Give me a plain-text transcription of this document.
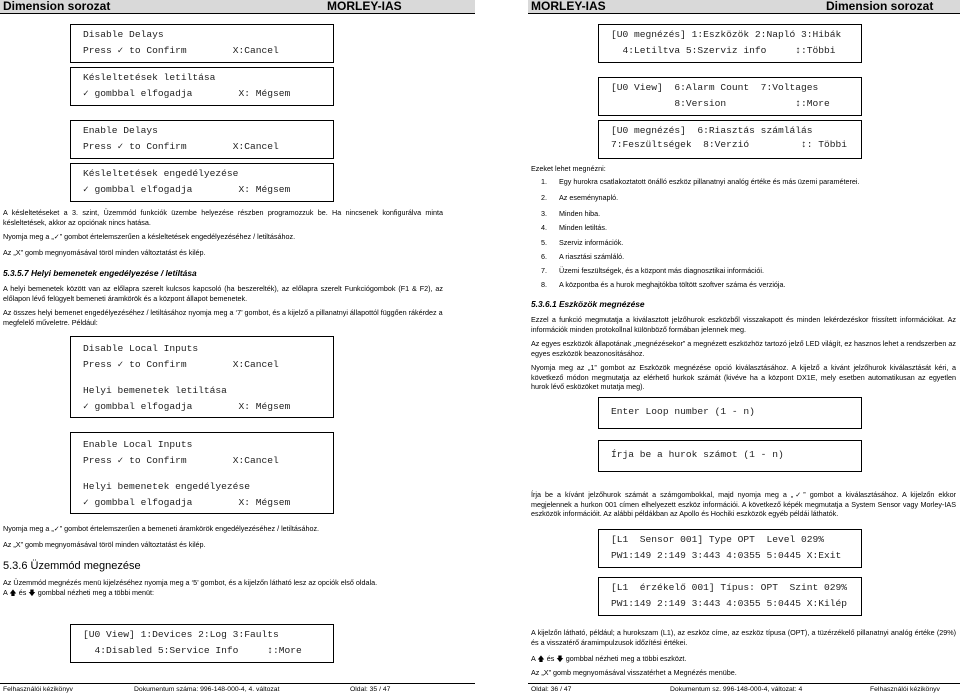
Dimension sorozat	MORLEY-IAS	MORLEY-IAS	Dimension sorozat
Disable Delays
Press ✓ to Confirm        X:Cancel
Késleltetések letiltása
✓ gombbal elfogadja        X: Mégsem
Enable Delays
Press ✓ to Confirm        X:Cancel
Késleltetések engedélyezése
✓ gombbal elfogadja        X: Mégsem
A késleltetéseket a 3. szint, Üzemmód funkciók üzembe helyezése részben programozzuk be. Ha nincsenek konfigurálva minta késleltetések, akkor az opciónak nincs hatása.
Nyomja meg a „✓” gombot értelemszerűen a késleltetések engedélyezéséhez / letiltásához.
Az „X” gomb megnyomásával töröl minden változtatást és kilép.
5.3.5.7 Helyi bemenetek engedélyezése / letiltása
A helyi bemenetek között van az előlapra szerelt kulcsos kapcsoló (ha beszerelték), az előlapra szerelt Funkciógombok (F1 & F2), az előlapon lévő felügyelt bemeneti áramkörök és a központ állapot bemenetek.
Az összes helyi bemenet engedélyezéséhez / letiltásához nyomja meg a ‘7’ gombot, és a kijelző a pillanatnyi állapottól függően rákérdez a megfelelő műveletre. Például:
Disable Local Inputs
Press ✓ to Confirm        X:Cancel
Helyi bemenetek letiltása
✓ gombbal elfogadja        X: Mégsem
Enable Local Inputs
Press ✓ to Confirm        X:Cancel
Helyi bemenetek engedélyezése
✓ gombbal elfogadja        X: Mégsem
Nyomja meg a „✓” gombot értelemszerűen a bemeneti áramkörök engedélyezéséhez / letiltásához.
Az „X” gomb megnyomásával töröl minden változtatást és kilép.
5.3.6 Üzemmód megnezése
Az Üzemmód megnézés menü kijelzéséhez nyomja meg a ‘5’ gombot, és a kijelzőn látható lesz az opciók első oldala.
A 🡅 és 🡇 gombbal nézheti meg a többi menüt:
[U0 View] 1:Devices 2:Log 3:Faults
4:Disabled 5:Service Info     ↕:More
[U0 megnézés] 1:Eszközök 2:Napló 3:Hibák
4:Letiltva 5:Szerviz info     ↕:Többi
[U0 View]  6:Alarm Count  7:Voltages
8:Version            ↕:More
[U0 megnézés]  6:Riasztás számlálás
7:Feszültségek  8:Verzió         ↕: Többi
Ezeket lehet megnézni:
1. Egy hurokra csatlakoztatott önálló eszköz pillanatnyi analóg értéke és más üzemi paraméterei.
2. Az eseménynapló.
3. Minden hiba.
4. Minden letiltás.
5. Szerviz információk.
6. A riasztási számláló.
7. Üzemi feszültségek, és a központ más diagnosztikai információi.
8. A központba és a hurok meghajtókba töltött szoftver száma és verziója.
5.3.6.1 Eszközök megnézése
Ezzel a funkció megmutatja a kiválasztott jelzőhurok eszközből visszakapott és minden lekérdezéskor frissített információkat. Az információk minden protokollnal különböző formában jelennek meg.
Az egyes eszközök állapotának „megnézésekor” a megnézett eszközhöz tartozó jelző LED világít, ez hasznos lehet a rendszerben az egyes eszközök beazonosításához.
Nyomja meg az „1” gombot az Eszközök megnézése opció kiválasztásához. A kijelző a kivánt jelzőhurok kiválasztását kéri, a következő módon megmutatja az elérhető hurkok számát (kivéve ha a központ DX1E, mely esetben automatikusan az egyetlen hurok lévő esközöket mutatja meg).
Enter Loop number (1 - n)
Írja be a hurok számot (1 - n)
Írja be a kívánt jelzőhurok számát a számgombokkal, majd nyomja meg a „✓” gombot a kiválasztásához. A kijelzőn ekkor megjelennek a hurkon 001 címen elhelyezett eszköz információi. A következő képék megmutatja a System Sensor vagy Morley-IAS eszközök információit. Az alábbi példákban az Apollo és Hochiki eszközök egyéb példái láthatók.
[L1  Sensor 001] Type OPT  Level 029%
PW1:149 2:149 3:443 4:0355 5:0445 X:Exit
[L1  érzékelő 001] Típus: OPT  Szint 029%
PW1:149 2:149 3:443 4:0355 5:0445 X:Kilép
A kijelzőn látható, például; a hurokszam (L1), az eszköz címe, az eszköz típusa (OPT), a tüzérzékelő pillanatnyi analóg értéke (29%) és a visszatérő áramimpulzusok időzítési értékei.
A 🡅 és 🡇 gombbal nézheti meg a többi eszközt.
Az „X” gomb megnyomásával visszatérhet a Megnézés menübe.
Felhasználói kézikönyv	Dokumentum száma: 996-148-000-4, 4. változat	Oldal: 35 / 47	Oldal: 36 / 47	Dokumentum sz. 996-148-000-4, változat: 4	Felhasználói kézikönyv
